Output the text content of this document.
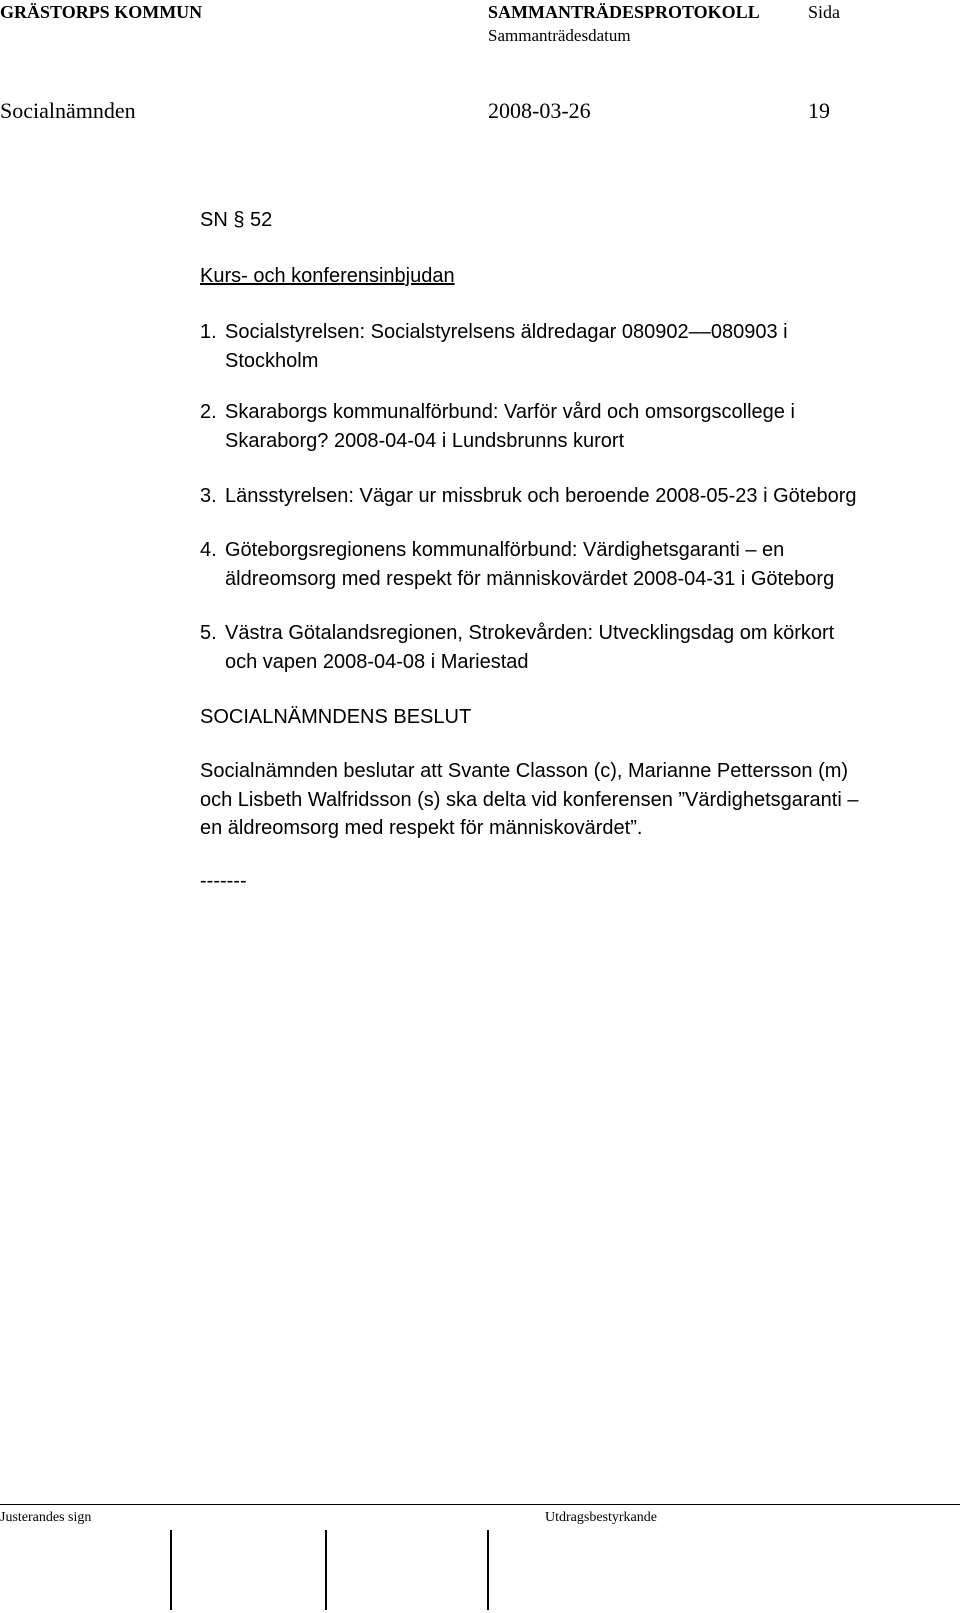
GRÄSTORPS KOMMUN	SAMMANTRÄDESPROTOKOLL	Sida
Sammanträdesdatum
Socialnämnden	2008-03-26	19
SN § 52
Kurs- och konferensinbjudan
1. Socialstyrelsen: Socialstyrelsens äldredagar 080902––080903 i
Stockholm
2. Skaraborgs kommunalförbund: Varför vård och omsorgscollege i
Skaraborg? 2008-04-04 i Lundsbrunns kurort
3. Länsstyrelsen: Vägar ur missbruk och beroende 2008-05-23 i Göteborg
4. Göteborgsregionens kommunalförbund: Värdighetsgaranti – en
äldreomsorg med respekt för människovärdet 2008-04-31 i Göteborg
5. Västra Götalandsregionen, Strokevården: Utvecklingsdag om körkort
och vapen 2008-04-08 i Mariestad
SOCIALNÄMNDENS BESLUT
Socialnämnden beslutar att Svante Classon (c), Marianne Pettersson (m)
och Lisbeth Walfridsson (s) ska delta vid konferensen ”Värdighetsgaranti –
en äldreomsorg med respekt för människovärdet”.
-------
Justerandes sign	Utdragsbestyrkande
